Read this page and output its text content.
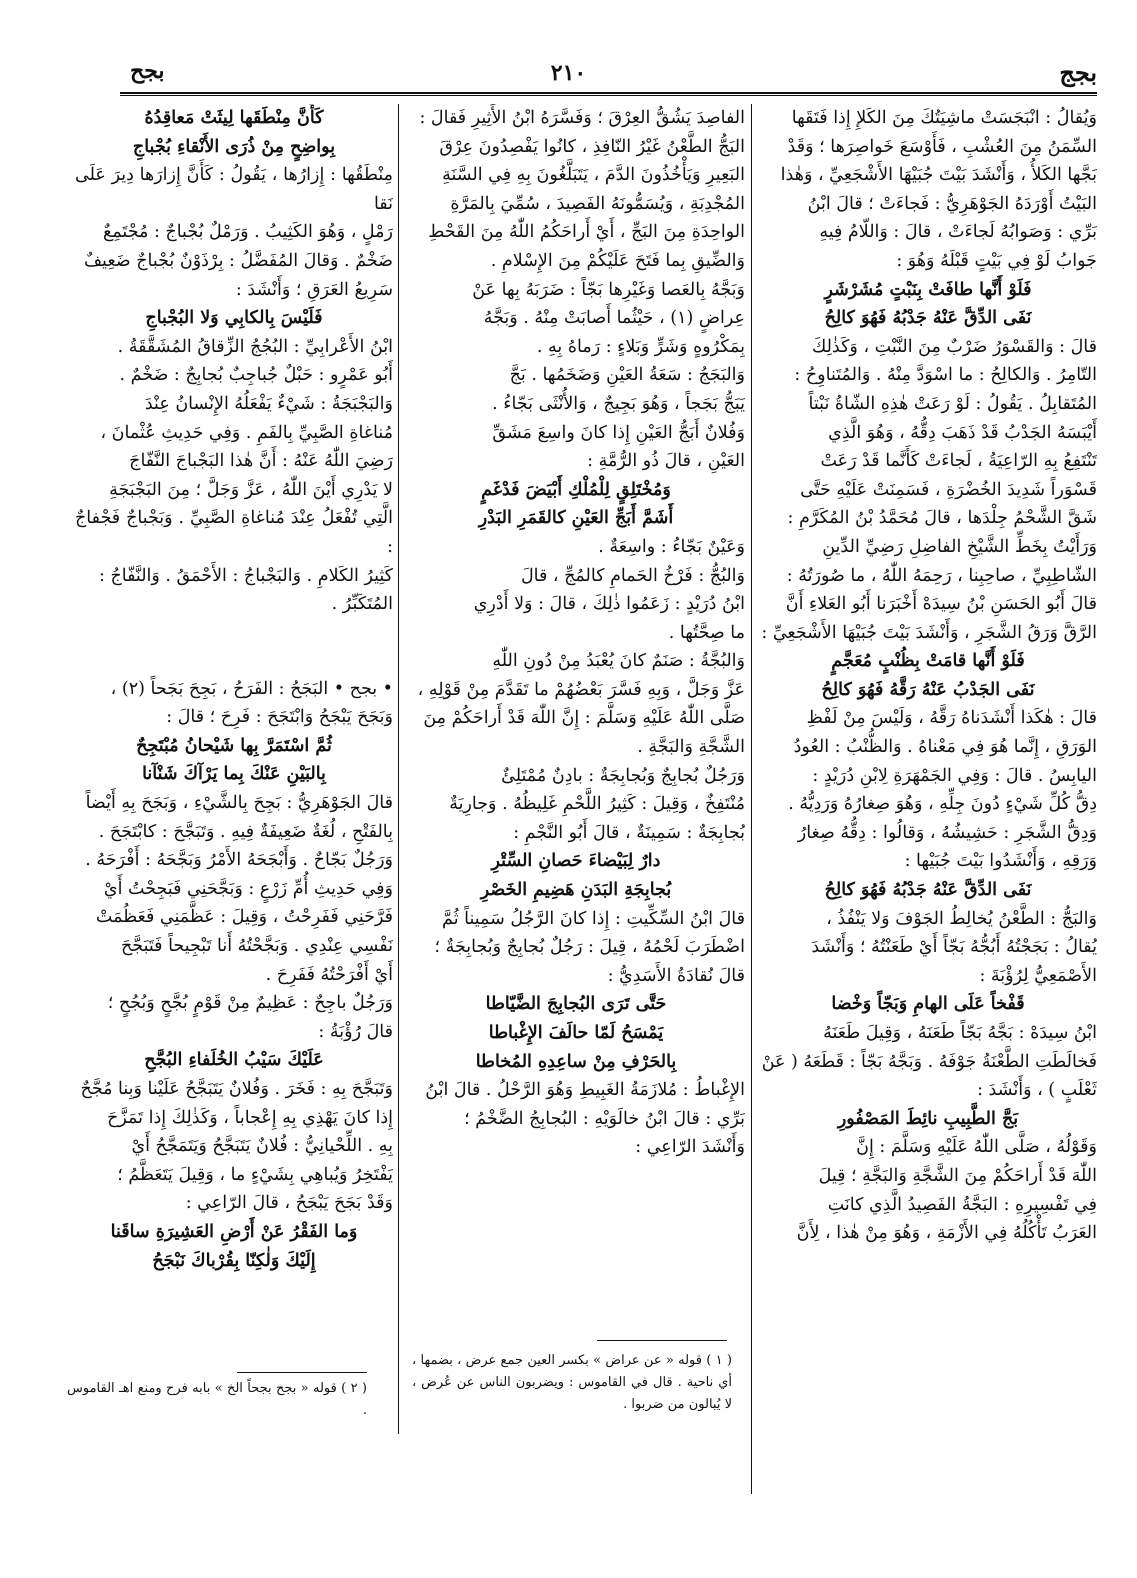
بجج
٢١٠
بجح

وَيُقالُ : انْبَجَسَتْ ماشِيَتُكَ مِنَ الكَلإِ إِذا فَتَقَها

السِّمَنُ مِنَ العُشْبِ ، فَأَوْسَعَ خَواصِرَها ؛ وَقَدْ

بَجَّها الكَلأُ ، وَأَنْشَدَ بَيْتَ جُبَيْهَا الأَشْجَعِيِّ ، وَهٰذا

البَيْتُ أَوْرَدَهُ الجَوْهَرِيُّ : فَجاءَتْ ؛ قالَ ابْنُ

بَرِّي : وَصَوابُهُ لَجاءَتْ ، قالَ : وَاللّامُ فِيهِ

جَوابُ لَوْ فِي بَيْتٍ قَبْلَهُ وَهُوَ :

فَلَوْ أَنَّها طافَتْ بِنَبْتٍ مُشَرْشَرٍ

نَفَى الدِّقَّ عَنْهُ جَدْبُهُ فَهُوَ كالِحُ

قالَ : وَالقَسْوَرُ ضَرْبٌ مِنَ النَّبْتِ ، وَكَذٰلِكَ

التّامِرُ . وَالكالِحُ : ما اسْوَدَّ مِنْهُ . وَالمُتَناوِحُ :

المُتَقابِلُ . يَقُولُ : لَوْ رَعَتْ هٰذِهِ الشّاةُ نَبْتاً

أَيْبَسَهُ الجَدْبُ قَدْ ذَهَبَ دِقُّهُ ، وَهُوَ الَّذِي

تَنْتَفِعُ بِهِ الرّاعِيَةُ ، لَجاءَتْ كَأَنَّما قَدْ رَعَتْ

قَسْوَراً شَدِيدَ الخُضْرَةِ ، فَسَمِنَتْ عَلَيْهِ حَتَّى

شَقَّ الشَّحْمُ جِلْدَها ، قالَ مُحَمَّدُ بْنُ المُكَرَّمِ :

وَرَأَيْتُ بِخَطِّ الشَّيْخِ الفاضِلِ رَضِيِّ الدِّينِ

الشّاطِبِيِّ ، صاحِبِنا ، رَحِمَهُ اللّٰهُ ، ما صُورَتُهُ :

قالَ أَبُو الحَسَنِ بْنُ سِيدَهْ أَخْبَرَنا أَبُو العَلاءِ أَنَّ

الرَّقَّ وَرَقُ الشَّجَرِ ، وَأَنْشَدَ بَيْتَ جُبَيْهَا الأَشْجَعِيِّ :

فَلَوْ أَنَّها قامَتْ بِظُنْبٍ مُعَجَّمٍ

نَفَى الجَدْبُ عَنْهُ رَقَّهُ فَهُوَ كالِحُ

قالَ : هٰكَذا أَنْشَدَناهُ رَقَّهُ ، وَلَيْسَ مِنْ لَفْظِ

الوَرَقِ ، إِنَّما هُوَ فِي مَعْناهُ . وَالظُّنْبُ : العُودُ

اليابِسُ . قالَ : وَفِي الجَمْهَرَةِ لِابْنِ دُرَيْدٍ :

دِقُّ كُلِّ شَيْءٍ دُونَ جِلِّهِ ، وَهُوَ صِغارُهُ وَرَدِيُّهُ .

وَدِقُّ الشَّجَرِ : حَشِيشُهُ ، وَقالُوا : دِقُّهُ صِغارُ

وَرَقِهِ ، وَأَنْشَدُوا بَيْتَ جُبَيْها :

نَفَى الدِّقَّ عَنْهُ جَدْبُهُ فَهُوَ كالِحُ

وَالبَجُّ : الطَّعْنُ يُخالِطُ الجَوْفَ وَلا يَنْفُذُ ،

يُقالُ : بَجَجْتُهُ أَبُجُّهُ بَجّاً أَيْ طَعَنْتُهُ ؛ وَأَنْشَدَ

الأَصْمَعِيُّ لِرُؤْبَةَ :

قَفْخاً عَلَى الهامِ وَبَجّاً وَخْضا

ابْنُ سِيدَهْ : بَجَّهُ بَجّاً طَعَنَهُ ، وَقِيلَ طَعَنَهُ

فَخالَطَتِ الطَّعْنَةُ جَوْفَهُ . وَبَجَّهُ بَجّاً : قَطَعَهُ ( عَنْ

ثَعْلَبٍ ) ، وَأَنْشَدَ :

بَجَّ الطَّبِيبِ نائِطَ المَصْفُورِ

وَقَوْلُهُ ، صَلَّى اللّٰهُ عَلَيْهِ وَسَلَّمَ : إِنَّ

اللّٰهَ قَدْ أَراحَكُمْ مِنَ الشَّجَّةِ وَالبَجَّةِ ؛ قِيلَ

فِي تَفْسِيرِهِ : البَجَّةُ الفَصِيدُ الَّذِي كانَتِ

العَرَبُ تَأْكُلُهُ فِي الأَزْمَةِ ، وَهُوَ مِنْ هٰذا ، لِأَنَّ

الفاصِدَ يَشُقُّ العِرْقَ ؛ وَفَسَّرَهُ ابْنُ الأَثِيرِ فَقالَ :

البَجُّ الطَّعْنُ غَيْرُ النّافِذِ ، كانُوا يَفْصِدُونَ عِرْقَ

البَعِيرِ وَيَأْخُذُونَ الدَّمَ ، يَتَبَلَّغُونَ بِهِ فِي السَّنَةِ

المُجْدِبَةِ ، وَيُسَمُّونَهُ الفَصِيدَ ، سُمِّيَ بِالمَرَّةِ

الواحِدَةِ مِنَ البَجِّ ، أَيْ أَراحَكُمُ اللّٰهُ مِنَ القَحْطِ

وَالضِّيقِ بِما فَتَحَ عَلَيْكُمْ مِنَ الإِسْلامِ .

وَبَجَّهُ بِالعَصا وَغَيْرِها بَجّاً : ضَرَبَهُ بِها عَنْ

عِراضٍ (١) ، حَيْثُما أَصابَتْ مِنْهُ . وَبَجَّهُ

بِمَكْرُوهٍ وَشَرٍّ وَبَلاءٍ : رَماهُ بِهِ .

وَالبَجَجُ : سَعَةُ العَيْنِ وَضَخَمُها . بَجَّ

يَبَجُّ بَجَجاً ، وَهُوَ بَجِيجٌ ، وَالأُنْثَى بَجّاءُ .

وَفُلانٌ أَبَجُّ العَيْنِ إِذا كانَ واسِعَ مَشَقِّ

العَيْنِ ، قالَ ذُو الرُّمَّةِ :

وَمُخْتَلِقٍ لِلْمُلْكِ أَبْيَضَ فَدْغَمٍ

أَشَمَّ أَبَجِّ العَيْنِ كالقَمَرِ البَدْرِ

وَعَيْنٌ بَجّاءُ : واسِعَةٌ .

وَالبُجُّ : فَرْخُ الحَمامِ كالمُجِّ ، قالَ

ابْنُ دُرَيْدٍ : زَعَمُوا ذٰلِكَ ، قالَ : وَلا أَدْرِي

ما صِحَّتُها .

وَالبُجَّةُ : صَنَمٌ كانَ يُعْبَدُ مِنْ دُونِ اللّٰهِ

عَزَّ وَجَلَّ ، وَبِهِ فَسَّرَ بَعْضُهُمْ ما تَقَدَّمَ مِنْ قَوْلِهِ ،

صَلَّى اللّٰهُ عَلَيْهِ وَسَلَّمَ : إِنَّ اللّٰهَ قَدْ أَراحَكُمْ مِنَ

الشَّجَّةِ وَالبَجَّةِ .

وَرَجُلٌ بُجابِجٌ وَبُجابِجَةٌ : بادِنٌ مُمْتَلِئٌ

مُنْتَفِخٌ ، وَقِيلَ : كَثِيرُ اللَّحْمِ غَلِيظُهُ . وَجارِيَةٌ

بُجابِجَةٌ : سَمِينَةٌ ، قالَ أَبُو النَّجْمِ :

دارٌ لِبَيْضاءَ حَصانِ السِّتْرِ

بُجابِجَةِ البَدَنِ هَضِيمِ الخَصْرِ

قالَ ابْنُ السِّكِّيتِ : إِذا كانَ الرَّجُلُ سَمِيناً ثُمَّ

اضْطَرَبَ لَحْمُهُ ، قِيلَ : رَجُلٌ بُجابِجٌ وَبُجابِجَةٌ ؛

قالَ نُقادَةُ الأَسَدِيُّ :

حَتَّى تَرَى البُجابِجَ الضَّيّاطا

يَمْسَحُ لَمّا حالَفَ الإِغْباطا

بِالحَرْفِ مِنْ ساعِدِهِ المُخاطا

الإِغْباطُ : مُلازَمَةُ الغَبِيطِ وَهُوَ الرَّحْلُ . قالَ ابْنُ

بَرِّي : قالَ ابْنُ خالَوَيْهِ : البُجابِجُ الضَّخْمُ ؛

وَأَنْشَدَ الرّاعِي :

كَأَنَّ مِنْطَقَها لِيثَتْ مَعاقِدُهُ

بِواضِحٍ مِنْ ذُرَى الأَنْقاءِ بُجْباجِ

مِنْطَقُها : إِزارُها ، يَقُولُ : كَأَنَّ إِزارَها دِيرَ عَلَى نَقا

رَمْلٍ ، وَهُوَ الكَثِيبُ . وَرَمْلٌ بُجْباجٌ : مُجْتَمِعٌ

ضَخْمٌ . وَقالَ المُفَضَّلُ : بِرْذَوْنٌ بُجْباجٌ ضَعِيفٌ

سَرِيعُ العَرَقِ ؛ وَأَنْشَدَ :

فَلَيْسَ بِالكابِي وَلا البُجْباجِ

ابْنُ الأَعْرابِيِّ : البُجُجُ الزِّقاقُ المُشَقَّقَةُ .

أَبُو عَمْرٍو : حَبْلٌ جُباجِبٌ بُجابِجٌ : ضَخْمٌ .

وَالبَجْبَجَةُ : شَيْءٌ يَفْعَلُهُ الإِنْسانُ عِنْدَ

مُناغاةِ الصَّبِيِّ بِالفَمِ . وَفِي حَدِيثِ عُثْمانَ ،

رَضِيَ اللّٰهُ عَنْهُ : أَنَّ هٰذا البَجْباجَ النَّفّاجَ

لا يَدْرِي أَيْنَ اللّٰهُ ، عَزَّ وَجَلَّ ؛ مِنَ البَجْبَجَةِ

الَّتِي تُفْعَلُ عِنْدَ مُناغاةِ الصَّبِيِّ . وَبَجْباجٌ فَجْفاجٌ :

كَثِيرُ الكَلامِ . وَالبَجْباجُ : الأَحْمَقُ . وَالنَّفّاجُ :

المُتَكَبِّرُ .

• بجح • البَجَحُ : الفَرَحُ ، بَجِحَ بَجَحاً (٢) ،

وَبَجَحَ يَبْجَحُ وَابْتَجَحَ : فَرِحَ ؛ قالَ :

ثُمَّ اسْتَمَرَّ بِها شَيْحانُ مُبْتَجِحٌ

بِالبَيْنِ عَنْكَ بِما يَرْآكَ شَنْآنا

قالَ الجَوْهَرِيُّ : بَجِحَ بِالشَّيْءِ ، وَبَجَحَ بِهِ أَيْضاً

بِالفَتْحِ ، لُغَةٌ ضَعِيفَةٌ فِيهِ . وَتَبَجَّحَ : كابْتَجَحَ .

وَرَجُلٌ بَجّاحٌ . وَأَبْجَحَهُ الأَمْرُ وَبَجَّحَهُ : أَفْرَحَهُ .

وَفِي حَدِيثِ أُمِّ زَرْعٍ : وَبَجَّحَنِي فَبَجِحْتُ أَيْ

فَرَّحَنِي فَفَرِحْتُ ، وَقِيلَ : عَظَّمَنِي فَعَظُمَتْ

نَفْسِي عِنْدِي . وَبَجَّحْتُهُ أَنا تَبْجِيحاً فَتَبَجَّحَ

أَيْ أَفْرَحْتُهُ فَفَرِحَ .

وَرَجُلٌ باجِحٌ : عَظِيمٌ مِنْ قَوْمٍ بُجَّحٍ وَبُجُحٍ ؛

قالَ رُؤْبَةُ :

عَلَيْكَ سَيْبُ الخُلَفاءِ البُجَّحِ

وَتَبَجَّحَ بِهِ : فَخَرَ . وَفُلانٌ يَتَبَجَّحُ عَلَيْنا وَبِنا مُجَّحٌ

إِذا كانَ يَهْذِي بِهِ إِعْجاباً ، وَكَذٰلِكَ إِذا تَمَزَّحَ

بِهِ . اللِّحْيانِيُّ : فُلانٌ يَتَبَجَّحُ وَيَتَمَجَّحُ أَيْ

يَفْتَخِرُ وَيُباهِي بِشَيْءٍ ما ، وَقِيلَ يَتَعَظَّمُ ؛

وَقَدْ بَجَحَ يَبْجَحُ ، قالَ الرّاعِي :

وَما الفَقْرُ عَنْ أَرْضِ العَشِيرَةِ ساقَنا

إِلَيْكَ وَلٰكِنّا بِقُرْباكَ نَبْجَحُ

( ١ ) قوله « عن عراض » بكسر العين جمع عرض ، بضمها ، أي ناحية . قال في القاموس : ويضربون الناس عن عُرض ، لا يُبالون من ضربوا .
( ٢ ) قوله « بجح بجحاً الخ » بابه فرح ومنع اهـ القاموس .
